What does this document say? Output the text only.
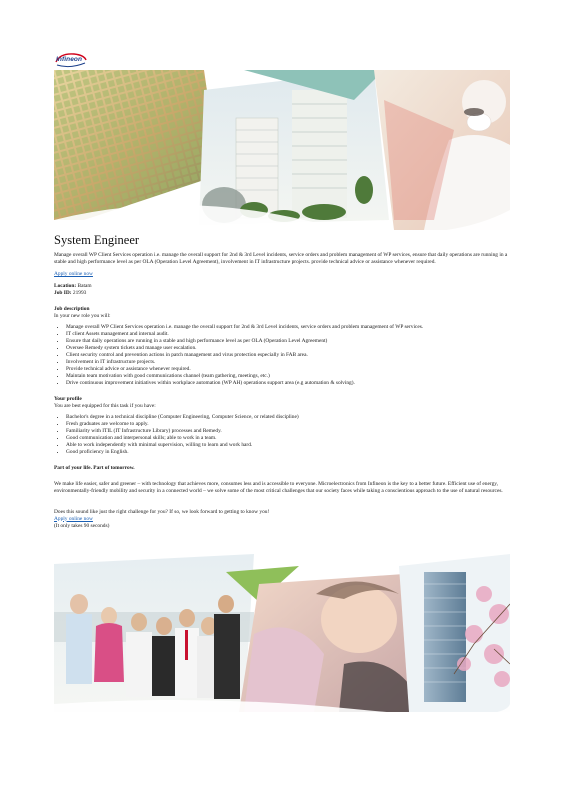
Infineon
System Engineer

Manage overall WP Client Services operation i.e. manage the overall support for 2nd & 3rd Level incidents, service orders and problem management of WP services, ensure that daily operations are running in a stable and high performance level as per OLA (Operation Level Agreement), involvement in IT infrastructure projects. provide technical advice or assistance whenever required.

Apply online now

Location: Batam

Job ID: 21993

Job description

In your new role you will:

• Manage overall WP Client Services operation i.e. manage the overall support for 2nd & 3rd Level incidents, service orders and problem management of WP services.
• IT client Assets management and internal audit.
• Ensure that daily operations are running in a stable and high performance level as per OLA (Operation Level Agreement)
• Oversee Remedy system tickets and manage user escalation.
• Client security control and prevention actions in patch management and virus protection especially in FAB area.
• Involvement in IT infrastructure projects.
• Provide technical advice or assistance whenever required.
• Maintain team motivation with good communications channel (team gathering, meetings, etc.)
• Drive continuous improvement initiatives within workplace automation (WP AH) operations support area (e.g automation & solving).

Your profile

You are best equipped for this task if you have:

• Bachelor's degree in a technical discipline (Computer Engineering, Computer Science, or related discipline)
• Fresh graduates are welcome to apply.
• Familiarity with ITIL (IT Infrastructure Library) processes and Remedy.
• Good communication and interpersonal skills; able to work in a team.
• Able to work independently with minimal supervision, willing to learn and work hard.
• Good proficiency in English.

Part of your life. Part of tomorrow.

We make life easier, safer and greener – with technology that achieves more, consumes less and is accessible to everyone. Microelectronics from Infineon is the key to a better future. Efficient use of energy, environmentally-friendly mobility and security in a connected world – we solve some of the most critical challenges that our society faces while taking a conscientious approach to the use of natural resources.

Does this sound like just the right challenge for you? If so, we look forward to getting to know you!

Apply online now

(It only takes 90 seconds)
